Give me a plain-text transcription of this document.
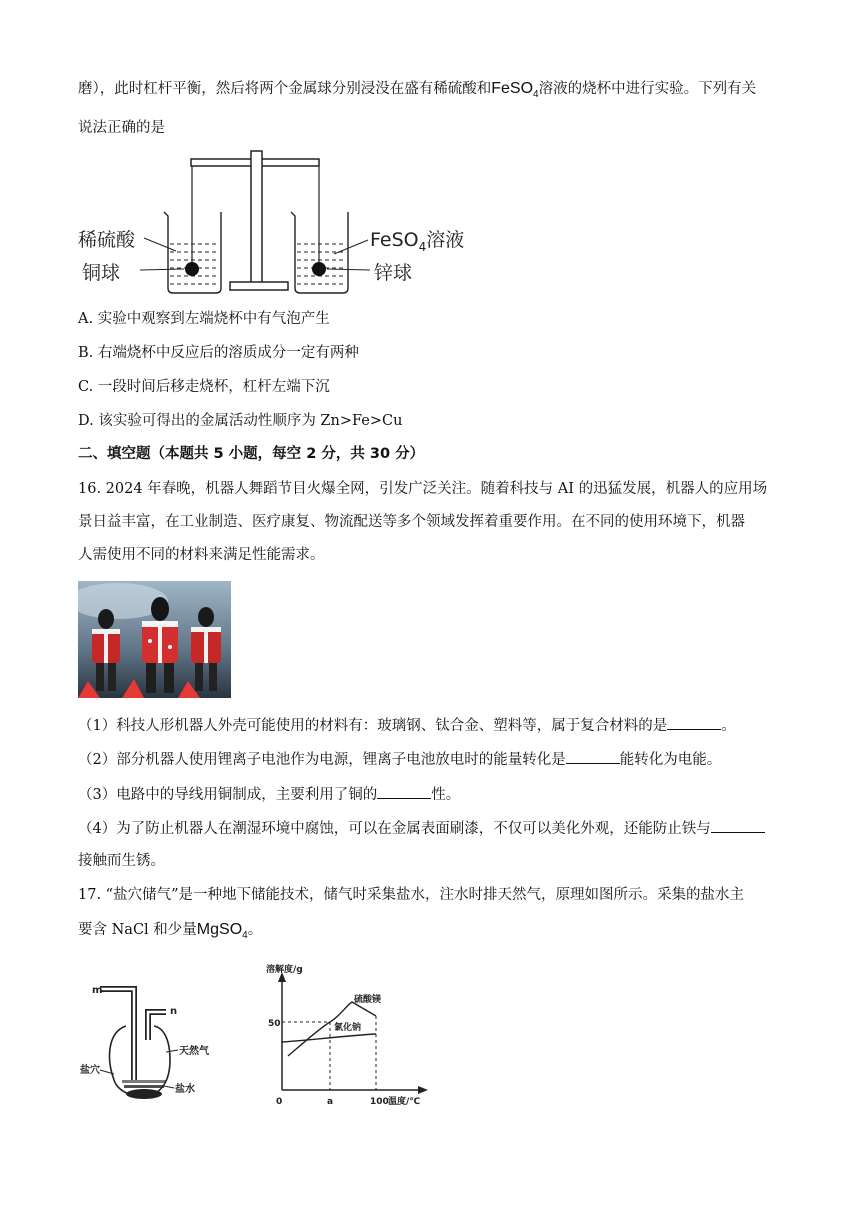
磨），此时杠杆平衡，然后将两个金属球分别浸没在盛有稀硫酸和FeSO$_4$溶液的烧杯中进行实验。下列有关
说法正确的是
稀硫酸
铜球
FeSO$_4$溶液
锌球
A. 实验中观察到左端烧杯中有气泡产生
B. 右端烧杯中反应后的溶质成分一定有两种
C. 一段时间后移走烧杯，杠杆左端下沉
D. 该实验可得出的金属活动性顺序为 Zn>Fe>Cu
二、填空题（本题共 5 小题，每空 2 分，共 30 分）
16. 2024 年春晚，机器人舞蹈节目火爆全网，引发广泛关注。随着科技与 AI 的迅猛发展，机器人的应用场
景日益丰富，在工业制造、医疗康复、物流配送等多个领域发挥着重要作用。在不同的使用环境下，机器
人需使用不同的材料来满足性能需求。
（1）科技人形机器人外壳可能使用的材料有：玻璃钢、钛合金、塑料等，属于复合材料的是	。
（2）部分机器人使用锂离子电池作为电源，锂离子电池放电时的能量转化是	能转化为电能。
（3）电路中的导线用铜制成，主要利用了铜的	性。
（4）为了防止机器人在潮湿环境中腐蚀，可以在金属表面刷漆，不仅可以美化外观，还能防止铁与
接触而生锈。
17. “盐穴储气”是一种地下储能技术，储气时采集盐水，注水时排天然气，原理如图所示。采集的盐水主
要含 NaCl 和少量MgSO$_4$。
m
n
天然气
盐穴
盐水
溶解度/g
50
0	a	100 温度/℃
硫酸镁
氯化钠
